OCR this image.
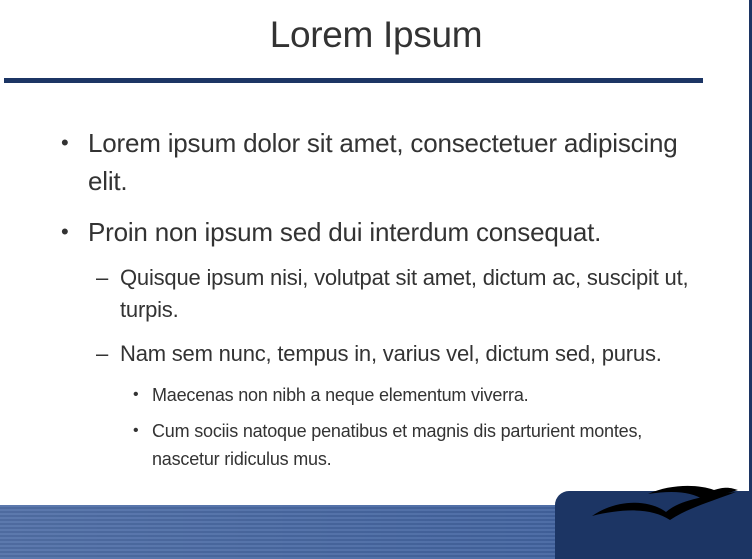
Lorem Ipsum
• Lorem ipsum dolor sit amet, consectetuer adipiscing elit.
• Proin non ipsum sed dui interdum consequat.
– Quisque ipsum nisi, volutpat sit amet, dictum ac, suscipit ut, turpis.
– Nam sem nunc, tempus in, varius vel, dictum sed, purus.
• Maecenas non nibh a neque elementum viverra.
• Cum sociis natoque penatibus et magnis dis parturient montes, nascetur ridiculus mus.
